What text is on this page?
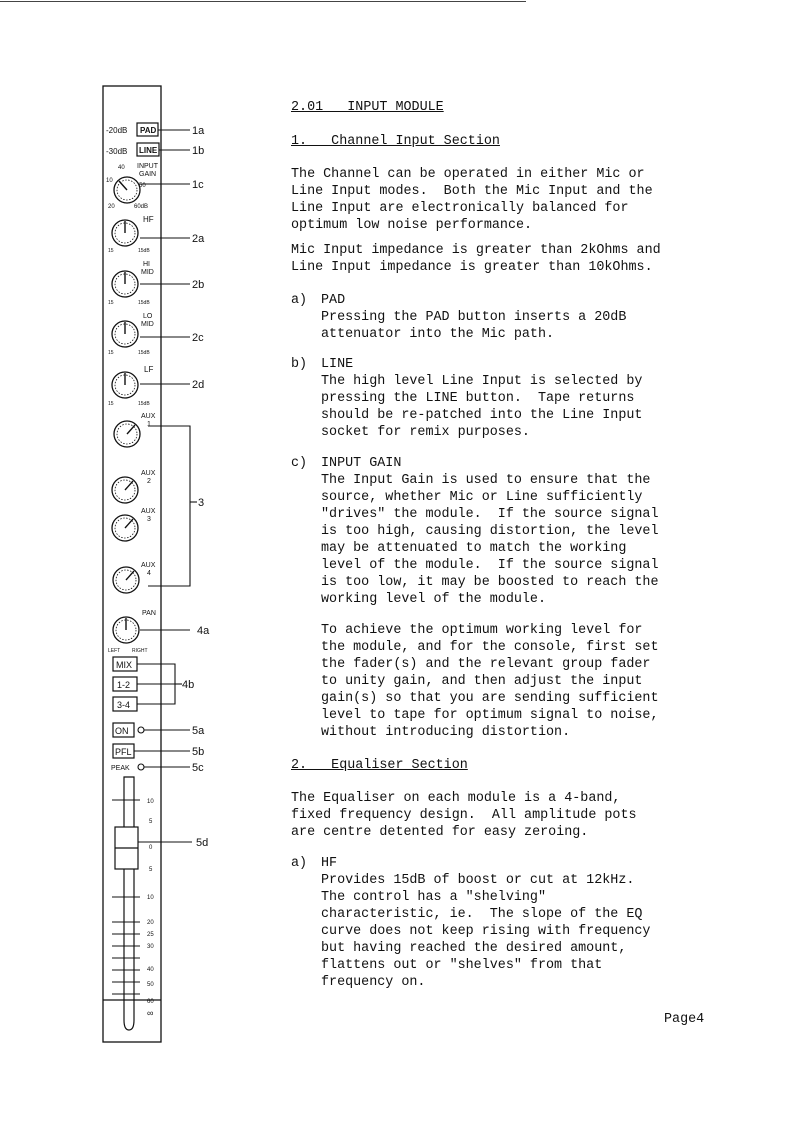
-20dB PAD
-30dB LINE
INPUT
GAIN
40
50
10
20	60dB
HF
15	15dB
HI
MID
15	15dB
LO
MID
15	15dB
LF
15	15dB
AUX
1
AUX
2
AUX
3
AUX
4
PAN
LEFT RIGHT
MIX
1-2
3-4
ON
PFL
PEAK
10
5
0
5
10
20
25
30
40
50
60
∞
1a
1b
1c
2a
2b
2c
2d
3
4a
4b
5a
5b
5c
5d
2.01   INPUT MODULE
1.   Channel Input Section
The Channel can be operated in either Mic or
Line Input modes.  Both the Mic Input and the
Line Input are electronically balanced for
optimum low noise performance.
Mic Input impedance is greater than 2kOhms and
Line Input impedance is greater than 10kOhms.
a) PAD
Pressing the PAD button inserts a 20dB
attenuator into the Mic path.
b) LINE
The high level Line Input is selected by
pressing the LINE button.  Tape returns
should be re-patched into the Line Input
socket for remix purposes.
c) INPUT GAIN
The Input Gain is used to ensure that the
source, whether Mic or Line sufficiently
"drives" the module.  If the source signal
is too high, causing distortion, the level
may be attenuated to match the working
level of the module.  If the source signal
is too low, it may be boosted to reach the
working level of the module.
To achieve the optimum working level for
the module, and for the console, first set
the fader(s) and the relevant group fader
to unity gain, and then adjust the input
gain(s) so that you are sending sufficient
level to tape for optimum signal to noise,
without introducing distortion.
2.   Equaliser Section
The Equaliser on each module is a 4-band,
fixed frequency design.  All amplitude pots
are centre detented for easy zeroing.
a) HF
Provides 15dB of boost or cut at 12kHz.
The control has a "shelving"
characteristic, ie.  The slope of the EQ
curve does not keep rising with frequency
but having reached the desired amount,
flattens out or "shelves" from that
frequency on.
Page4
